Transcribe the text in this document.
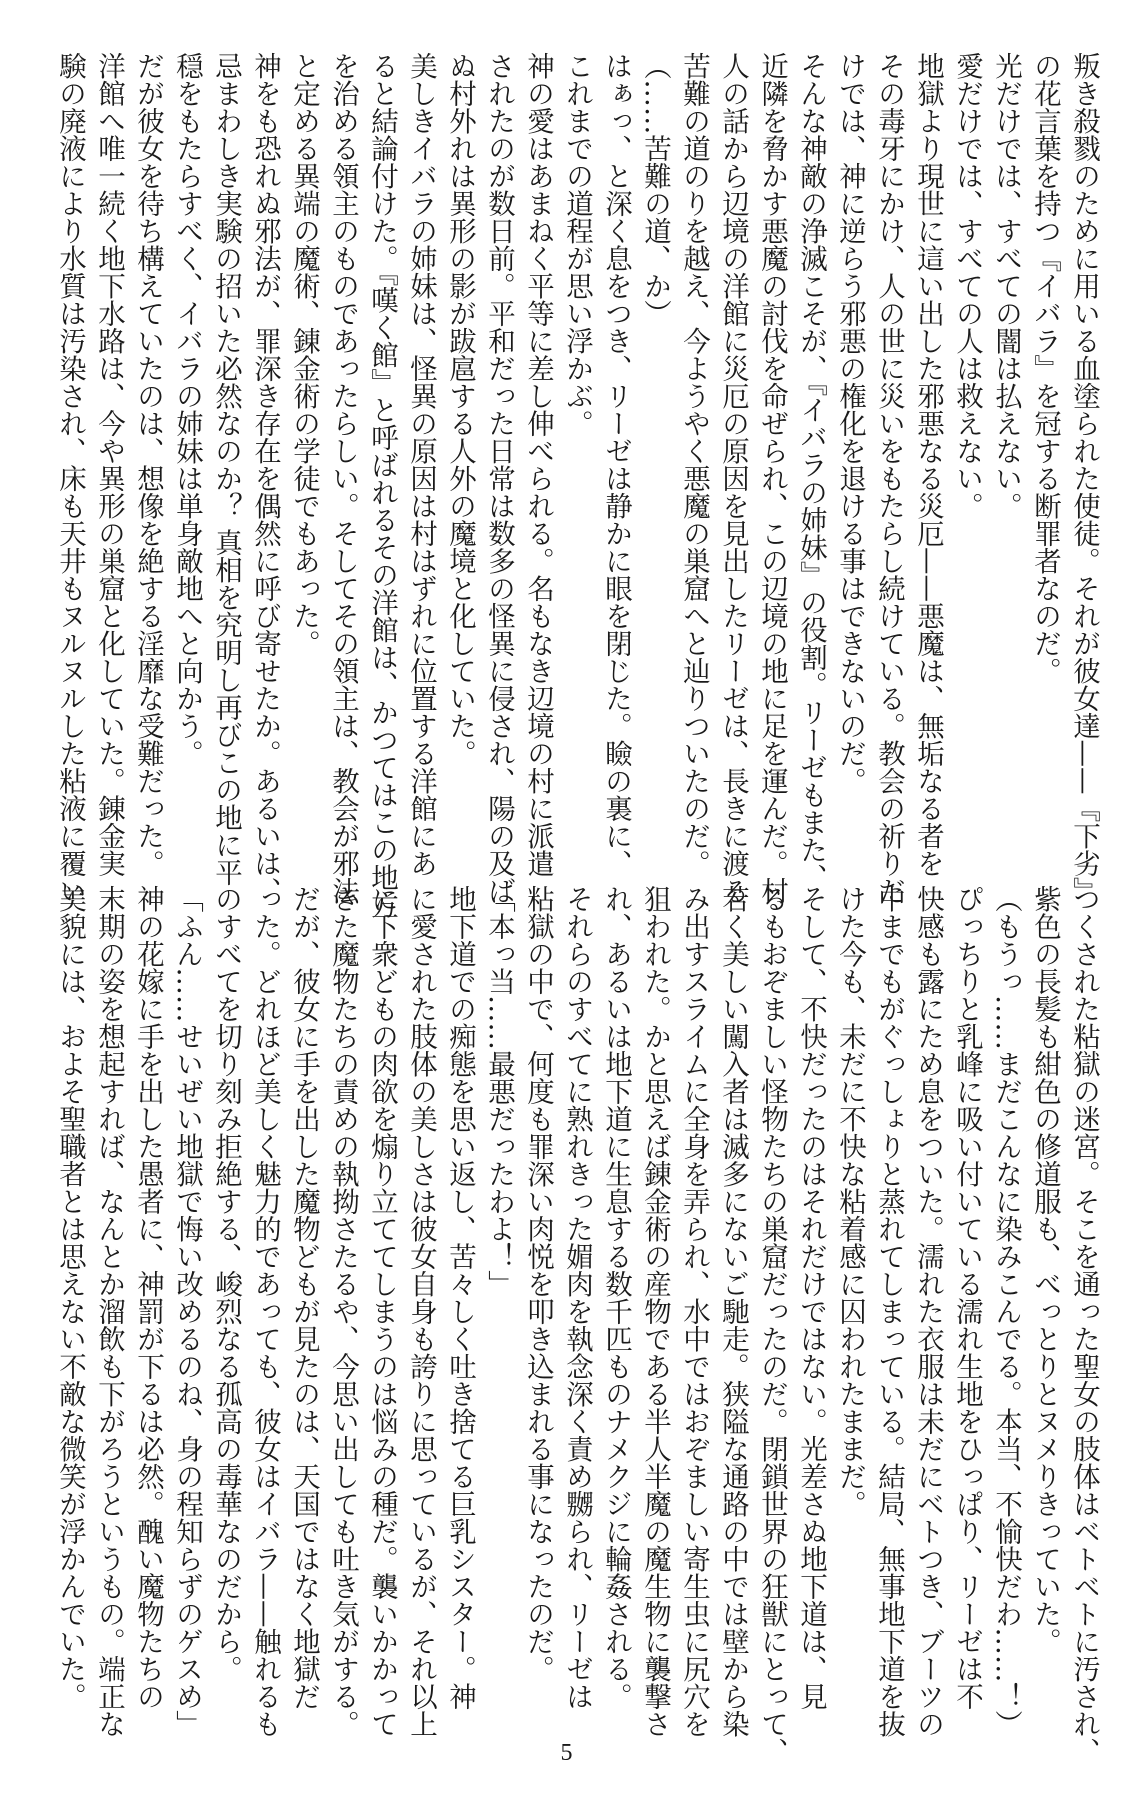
叛き殺戮のために用いる血塗られた使徒。それが彼女達——『下劣』
の花言葉を持つ『イバラ』を冠する断罪者なのだ。
光だけでは、すべての闇は払えない。
愛だけでは、すべての人は救えない。
地獄より現世に這い出した邪悪なる災厄——悪魔は、無垢なる者を
その毒牙にかけ、人の世に災いをもたらし続けている。教会の祈りだ
けでは、神に逆らう邪悪の権化を退ける事はできないのだ。
そんな神敵の浄滅こそが、『イバラの姉妹』の役割。リーゼもまた、
近隣を脅かす悪魔の討伐を命ぜられ、この辺境の地に足を運んだ。村
人の話から辺境の洋館に災厄の原因を見出したリーゼは、長きに渡る
苦難の道のりを越え、今ようやく悪魔の巣窟へと辿りついたのだ。
（……苦難の道、か）
はぁっ、と深く息をつき、リーゼは静かに眼を閉じた。瞼の裏に、
これまでの道程が思い浮かぶ。
神の愛はあまねく平等に差し伸べられる。名もなき辺境の村に派遣
されたのが数日前。平和だった日常は数多の怪異に侵され、陽の及ば
ぬ村外れは異形の影が跋扈する人外の魔境と化していた。
美しきイバラの姉妹は、怪異の原因は村はずれに位置する洋館にあ
ると結論付けた。『嘆く館』と呼ばれるその洋館は、かつてはこの地方
を治める領主のものであったらしい。そしてその領主は、教会が邪法
と定める異端の魔術、錬金術の学徒でもあった。
神をも恐れぬ邪法が、罪深き存在を偶然に呼び寄せたか。あるいは、
忌まわしき実験の招いた必然なのか？ 真相を究明し再びこの地に平
穏をもたらすべく、イバラの姉妹は単身敵地へと向かう。
だが彼女を待ち構えていたのは、想像を絶する淫靡な受難だった。
洋館へ唯一続く地下水路は、今や異形の巣窟と化していた。錬金実
験の廃液により水質は汚染され、床も天井もヌルヌルした粘液に覆い
つくされた粘獄の迷宮。そこを通った聖女の肢体はベトベトに汚され、
紫色の長髪も紺色の修道服も、べっとりとヌメりきっていた。
（もうっ……まだこんなに染みこんでる。本当、不愉快だわ……！）
ぴっちりと乳峰に吸い付いている濡れ生地をひっぱり、リーゼは不
快感も露にため息をついた。濡れた衣服は未だにベトつき、ブーツの
中までもがぐっしょりと蒸れてしまっている。結局、無事地下道を抜
けた今も、未だに不快な粘着感に囚われたままだ。
そして、不快だったのはそれだけではない。光差さぬ地下道は、見
るもおぞましい怪物たちの巣窟だったのだ。閉鎖世界の狂獣にとって、
若く美しい闖入者は滅多にないご馳走。狭隘な通路の中では壁から染
み出すスライムに全身を弄られ、水中ではおぞましい寄生虫に尻穴を
狙われた。かと思えば錬金術の産物である半人半魔の魔生物に襲撃さ
れ、あるいは地下道に生息する数千匹ものナメクジに輪姦される。
それらのすべてに熟れきった媚肉を執念深く責め嬲られ、リーゼは
粘獄の中で、何度も罪深い肉悦を叩き込まれる事になったのだ。
「本っ当……最悪だったわよ！」
地下道での痴態を思い返し、苦々しく吐き捨てる巨乳シスター。神
に愛された肢体の美しさは彼女自身も誇りに思っているが、それ以上
に下衆どもの肉欲を煽り立ててしまうのは悩みの種だ。襲いかかって
きた魔物たちの責めの執拗さたるや、今思い出しても吐き気がする。
だが、彼女に手を出した魔物どもが見たのは、天国ではなく地獄だ
った。どれほど美しく魅力的であっても、彼女はイバラ——触れるも
のすべてを切り刻み拒絶する、峻烈なる孤高の毒華なのだから。
「ふん……せいぜい地獄で悔い改めるのね、身の程知らずのゲスめ」
神の花嫁に手を出した愚者に、神罰が下るは必然。醜い魔物たちの
末期の姿を想起すれば、なんとか溜飲も下がろうというもの。端正な
美貌には、およそ聖職者とは思えない不敵な微笑が浮かんでいた。
5
